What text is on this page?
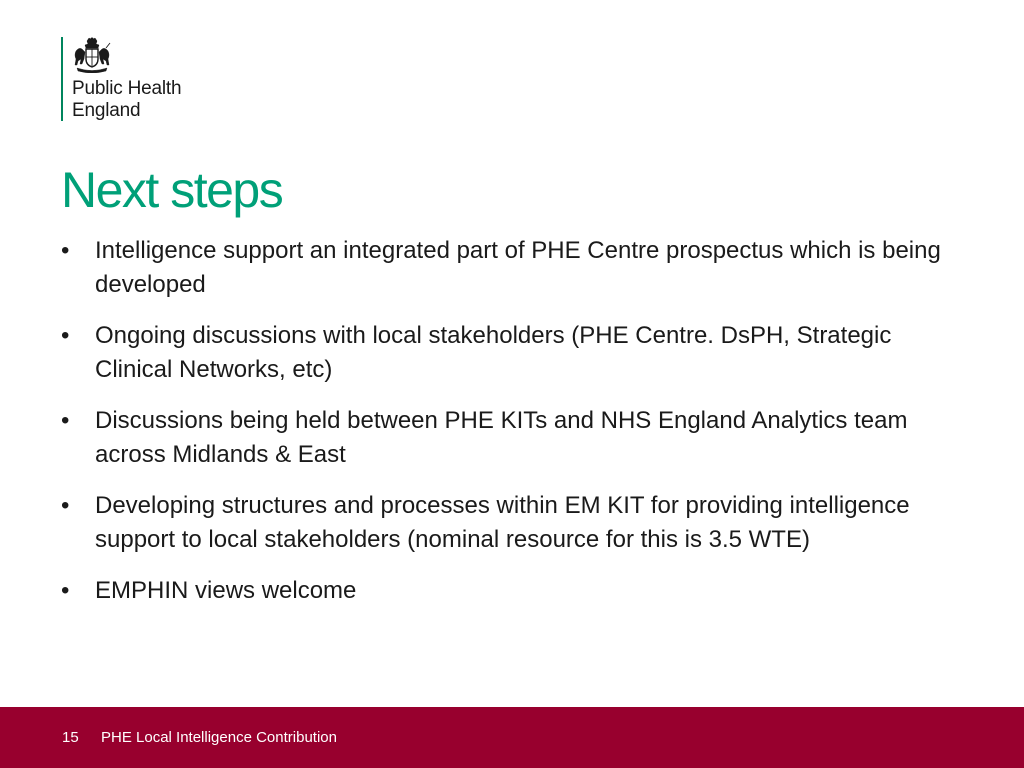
Public Health
England
Next steps
• Intelligence support an integrated part of PHE Centre prospectus which is being developed
• Ongoing discussions with local stakeholders (PHE Centre. DsPH, Strategic Clinical Networks, etc)
• Discussions being held between PHE KITs and NHS England Analytics team across Midlands & East
• Developing structures and processes within EM KIT for providing intelligence support to local stakeholders (nominal resource for this is 3.5 WTE)
• EMPHIN views welcome
15 PHE Local Intelligence Contribution
